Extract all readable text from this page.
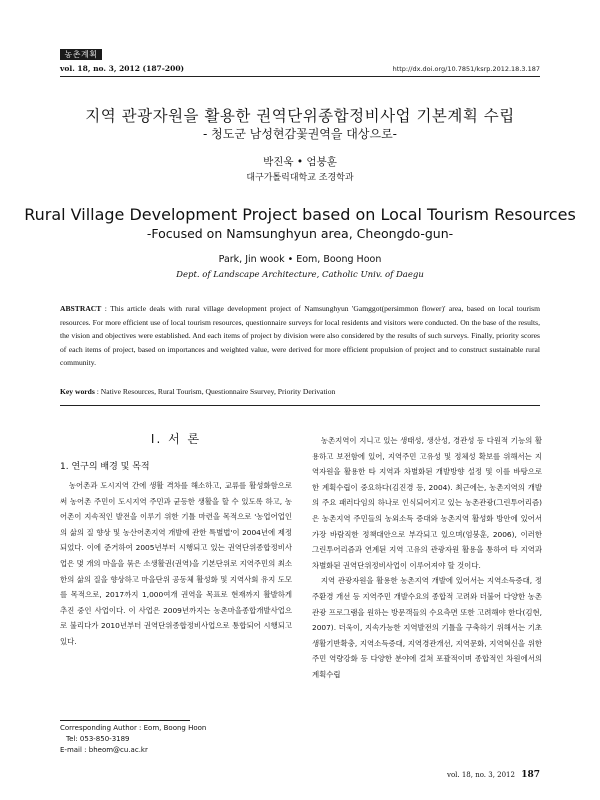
농촌계획
vol. 18, no. 3, 2012 (187-200)	http://dx.doi.org/10.7851/ksrp.2012.18.3.187
지역 관광자원을 활용한 권역단위종합정비사업 기본계획 수립
- 청도군 남성현감꽃권역을 대상으로-
박진욱 • 엄붕훈
대구가톨릭대학교 조경학과
Rural Village Development Project based on Local Tourism Resources
-Focused on Namsunghyun area, Cheongdo-gun-
Park, Jin wook • Eom, Boong Hoon
Dept. of Landscape Architecture, Catholic Univ. of Daegu
ABSTRACT : This article deals with rural village development project of Namsunghyun 'Gamggot(persimmon flower)' area, based on local tourism resources. For more efficient use of local tourism resources, questionnaire surveys for local residents and visitors were conducted. On the base of the results, the vision and objectives were established. And each items of project by division were also considered by the results of such surveys. Finally, priority scores of each items of project, based on importances and weighted value, were derived for more efficient propulsion of project and to construct sustainable rural community.
Key words : Native Resources, Rural Tourism, Questionnaire Ssurvey, Priority Derivation
I. 서 론
1. 연구의 배경 및 목적

농어촌과 도시지역 간에 생활 격차를 해소하고, 교류를 활성화함으로써 농어촌 주민이 도시지역 주민과 균등한 생활을 할 수 있도록 하고, 농어촌이 지속적인 발전을 이루기 위한 기틀 마련을 목적으로 '농업어업인의 삶의 질 향상 및 농산어촌지역 개발에 관한 특별법'이 2004년에 제정되었다. 이에 준거하여 2005년부터 시행되고 있는 권역단위종합정비사업은 몇 개의 마을을 묶은 소생활권(권역)을 기본단위로 지역주민의 최소한의 삶의 질을 향상하고 마을단위 공동체 활성화 및 지역사회 유지 도모를 목적으로, 2017까지 1,000여개 권역을 목표로 현재까지 활발하게 추진 중인 사업이다. 이 사업은 2009년까지는 농촌마을종합개발사업으로 불리다가 2010년부터 권역단위종합정비사업으로 통합되어 시행되고 있다.

농촌지역이 지니고 있는 생태성, 생산성, 경관성 등 다원적 기능의 활용하고 보전함에 있어, 지역주민 고유성 및 정체성 확보를 위해서는 지역자원을 활용한 타 지역과 차별화된 개발방향 설정 및 이를 바탕으로 한 계획수립이 중요하다(김진경 등, 2004). 최근에는, 농촌지역의 개발의 주요 패러다임의 하나로 인식되어지고 있는 농촌관광(그린투어리즘)은 농촌지역 주민들의 농외소득 증대와 농촌지역 활성화 방안에 있어서 가장 바람직한 정책대안으로 부각되고 있으며(엄붕훈, 2006), 이러한 그린투어리즘과 연계된 지역 고유의 관광자원 활용을 통하여 타 지역과 차별화된 권역단위정비사업이 이루어져야 할 것이다.

지역 관광자원을 활용한 농촌지역 개발에 있어서는 지역소득증대, 정주환경 개선 등 지역주민 개발수요의 종합적 고려와 더불어 다양한 농촌관광 프로그램을 원하는 방문객들의 수요측면 또한 고려해야 한다(김현, 2007). 더욱이, 지속가능한 지역발전의 기틀을 구축하기 위해서는 기초생활기반확충, 지역소득증대, 지역경관개선, 지역문화, 지역혁신을 위한 주민 역량강화 등 다양한 분야에 걸쳐 포괄적이며 종합적인 차원에서의 계획수립

Corresponding Author : Eom, Boong Hoon
Tel: 053-850-3189
E-mail : bheom@cu.ac.kr
vol. 18, no. 3, 2012 187
